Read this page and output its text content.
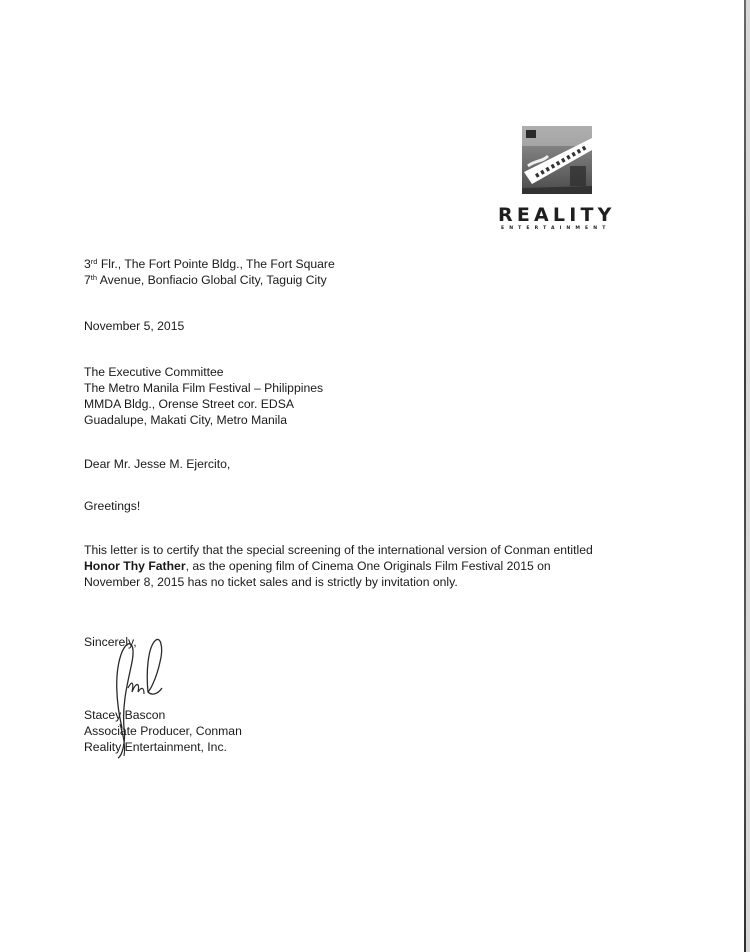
REALITY
ENTERTAINMENT
3rd Flr., The Fort Pointe Bldg., The Fort Square
7th Avenue, Bonfiacio Global City, Taguig City
November 5, 2015
The Executive Committee
The Metro Manila Film Festival – Philippines
MMDA Bldg., Orense Street cor. EDSA
Guadalupe, Makati City, Metro Manila
Dear Mr. Jesse M. Ejercito,
Greetings!
This letter is to certify that the special screening of the international version of Conman entitled
Honor Thy Father, as the opening film of Cinema One Originals Film Festival 2015 on
November 8, 2015 has no ticket sales and is strictly by invitation only.
Sincerely,
Stacey Bascon
Associate Producer, Conman
Reality Entertainment, Inc.
